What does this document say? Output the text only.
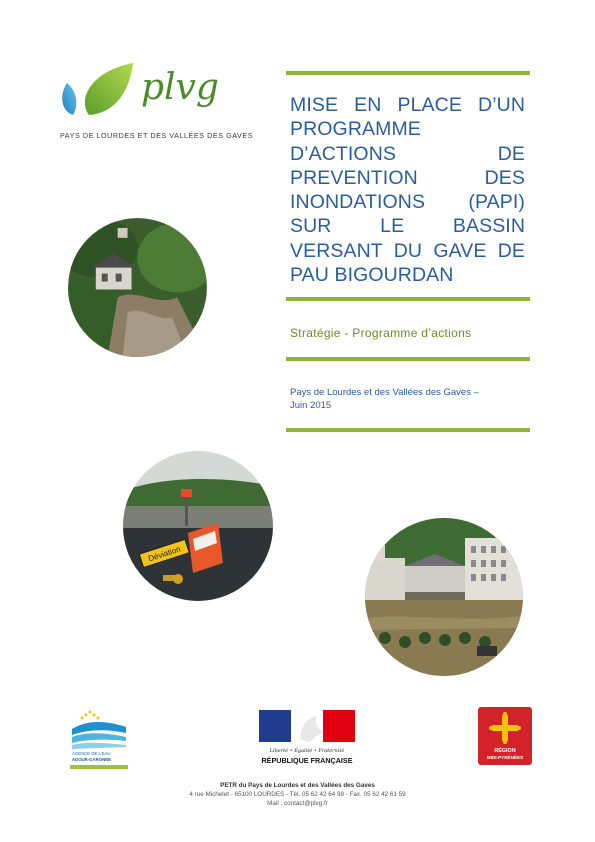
plvg
PAYS DE LOURDES ET DES VALLÉES DES GAVES
MISE EN PLACE D’UN PROGRAMME D’ACTIONS DE PREVENTION DES INONDATIONS (PAPI) SUR LE BASSIN VERSANT DU GAVE DE PAU BIGOURDAN
Stratégie - Programme d’actions
Pays de Lourdes et des Vallées des Gaves –
Juin 2015
Déviation
AGENCE DE L’EAU
ADOUR-GARONNE
Liberté • Égalité • Fraternité
RÉPUBLIQUE FRANÇAISE
RÉGION
MIDI-PYRÉNÉES
PETR du Pays de Lourdes et des Vallées des Gaves
4 rue Michelet - 65100 LOURDES - Tél. 05 62 42 64 98 - Fax. 05 62 42 61 59
Mail : contact@plvg.fr
